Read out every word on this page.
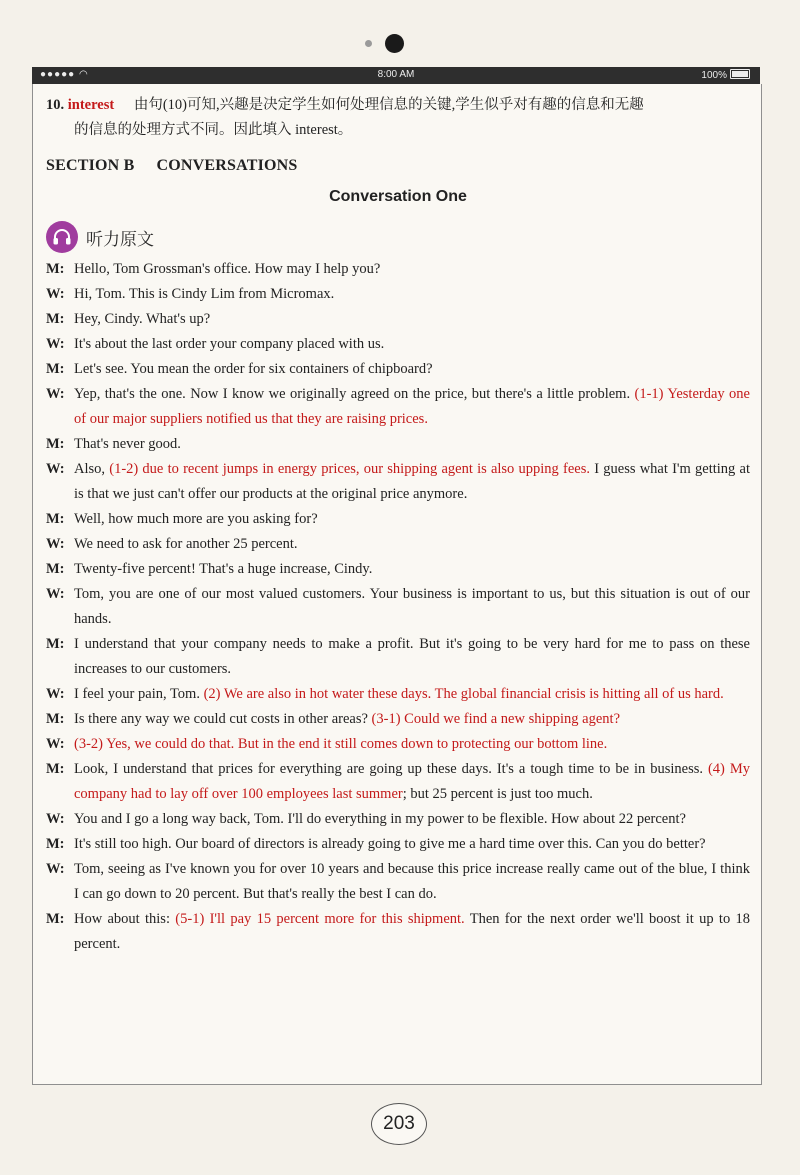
●●●●● ◠	8:00 AM	100%
10. interest 由句(10)可知,兴趣是决定学生如何处理信息的关键,学生似乎对有趣的信息和无趣
的信息的处理方式不同。因此填入 interest。
SECTION B CONVERSATIONS
Conversation One
听力原文
M: Hello, Tom Grossman's office. How may I help you?
W: Hi, Tom. This is Cindy Lim from Micromax.
M: Hey, Cindy. What's up?
W: It's about the last order your company placed with us.
M: Let's see. You mean the order for six containers of chipboard?
W: Yep, that's the one. Now I know we originally agreed on the price, but there's a little problem. (1-1) Yesterday one of our major suppliers notified us that they are raising prices.
M: That's never good.
W: Also, (1-2) due to recent jumps in energy prices, our shipping agent is also upping fees. I guess what I'm getting at is that we just can't offer our products at the original price anymore.
M: Well, how much more are you asking for?
W: We need to ask for another 25 percent.
M: Twenty-five percent! That's a huge increase, Cindy.
W: Tom, you are one of our most valued customers. Your business is important to us, but this situation is out of our hands.
M: I understand that your company needs to make a profit. But it's going to be very hard for me to pass on these increases to our customers.
W: I feel your pain, Tom. (2) We are also in hot water these days. The global financial crisis is hitting all of us hard.
M: Is there any way we could cut costs in other areas? (3-1) Could we find a new shipping agent?
W: (3-2) Yes, we could do that. But in the end it still comes down to protecting our bottom line.
M: Look, I understand that prices for everything are going up these days. It's a tough time to be in business. (4) My company had to lay off over 100 employees last summer; but 25 percent is just too much.
W: You and I go a long way back, Tom. I'll do everything in my power to be flexible. How about 22 percent?
M: It's still too high. Our board of directors is already going to give me a hard time over this. Can you do better?
W: Tom, seeing as I've known you for over 10 years and because this price increase really came out of the blue, I think I can go down to 20 percent. But that's really the best I can do.
M: How about this: (5-1) I'll pay 15 percent more for this shipment. Then for the next order we'll boost it up to 18 percent.
203
